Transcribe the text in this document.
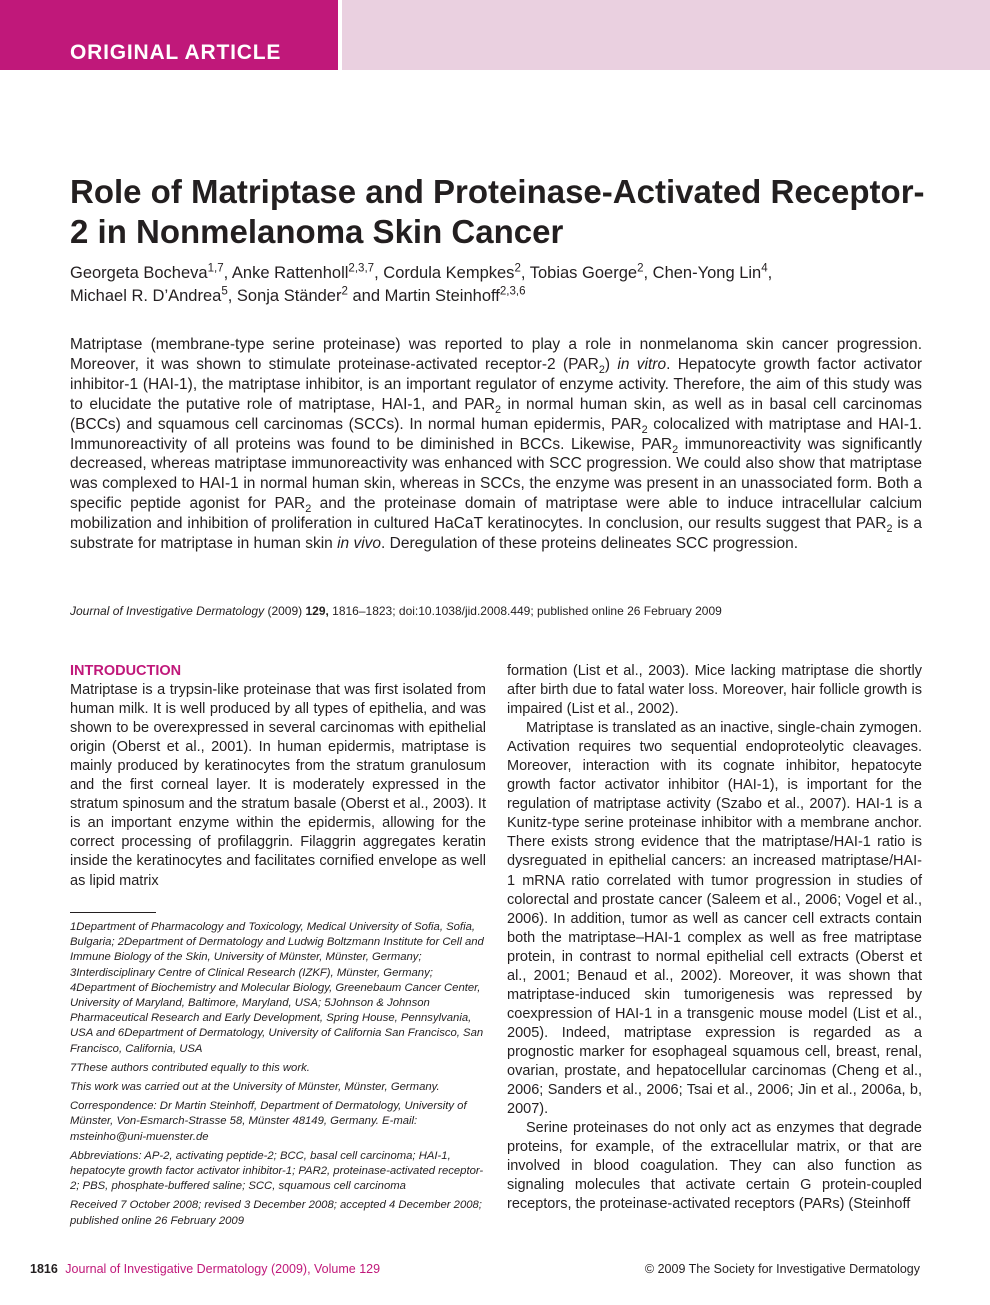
ORIGINAL ARTICLE
Role of Matriptase and Proteinase-Activated Receptor-2 in Nonmelanoma Skin Cancer
Georgeta Bocheva$^{1,7}$, Anke Rattenholl$^{2,3,7}$, Cordula Kempkes$^2$, Tobias Goerge$^2$, Chen-Yong Lin$^4$,
Michael R. D’Andrea$^5$, Sonja Ständer$^2$ and Martin Steinhoff$^{2,3,6}$

Matriptase (membrane-type serine proteinase) was reported to play a role in nonmelanoma skin cancer progression. Moreover, it was shown to stimulate proteinase-activated receptor-2 $(PAR_2)$ in vitro. Hepatocyte growth factor activator inhibitor-1 (HAI-1), the matriptase inhibitor, is an important regulator of enzyme activity. Therefore, the aim of this study was to elucidate the putative role of matriptase, HAI-1, and $PAR_2$ in normal human skin, as well as in basal cell carcinomas (BCCs) and squamous cell carcinomas (SCCs). In normal human epidermis, $PAR_2$ colocalized with matriptase and HAI-1. Immunoreactivity of all proteins was found to be diminished in BCCs. Likewise, $PAR_2$ immunoreactivity was significantly decreased, whereas matriptase immunoreactivity was enhanced with SCC progression. We could also show that matriptase was complexed to HAI-1 in normal human skin, whereas in SCCs, the enzyme was present in an unassociated form. Both a specific peptide agonist for $PAR_2$ and the proteinase domain of matriptase were able to induce intracellular calcium mobilization and inhibition of proliferation in cultured HaCaT keratinocytes. In conclusion, our results suggest that $PAR_2$ is a substrate for matriptase in human skin in vivo. Deregulation of these proteins delineates SCC progression.

Journal of Investigative Dermatology (2009) 129, 1816–1823; doi:10.1038/jid.2008.449; published online 26 February 2009
INTRODUCTION

Matriptase is a trypsin-like proteinase that was first isolated from human milk. It is well produced by all types of epithelia, and was shown to be overexpressed in several carcinomas with epithelial origin (Oberst et al., 2001). In human epidermis, matriptase is mainly produced by keratinocytes from the stratum granulosum and the first corneal layer. It is moderately expressed in the stratum spinosum and the stratum basale (Oberst et al., 2003). It is an important enzyme within the epidermis, allowing for the correct processing of profilaggrin. Filaggrin aggregates keratin inside the keratinocytes and facilitates cornified envelope as well as lipid matrix

1Department of Pharmacology and Toxicology, Medical University of Sofia, Sofia, Bulgaria; 2Department of Dermatology and Ludwig Boltzmann Institute for Cell and Immune Biology of the Skin, University of Münster, Münster, Germany; 3Interdisciplinary Centre of Clinical Research (IZKF), Münster, Germany; 4Department of Biochemistry and Molecular Biology, Greenebaum Cancer Center, University of Maryland, Baltimore, Maryland, USA; 5Johnson & Johnson Pharmaceutical Research and Early Development, Spring House, Pennsylvania, USA and 6Department of Dermatology, University of California San Francisco, San Francisco, California, USA

7These authors contributed equally to this work.

This work was carried out at the University of Münster, Münster, Germany.

Correspondence: Dr Martin Steinhoff, Department of Dermatology, University of Münster, Von-Esmarch-Strasse 58, Münster 48149, Germany. E-mail: msteinho@uni-muenster.de

Abbreviations: AP-2, activating peptide-2; BCC, basal cell carcinoma; HAI-1, hepatocyte growth factor activator inhibitor-1; PAR2, proteinase-activated receptor-2; PBS, phosphate-buffered saline; SCC, squamous cell carcinoma

Received 7 October 2008; revised 3 December 2008; accepted 4 December 2008; published online 26 February 2009

formation (List et al., 2003). Mice lacking matriptase die shortly after birth due to fatal water loss. Moreover, hair follicle growth is impaired (List et al., 2002).

Matriptase is translated as an inactive, single-chain zymogen. Activation requires two sequential endoproteolytic cleavages. Moreover, interaction with its cognate inhibitor, hepatocyte growth factor activator inhibitor (HAI-1), is important for the regulation of matriptase activity (Szabo et al., 2007). HAI-1 is a Kunitz-type serine proteinase inhibitor with a membrane anchor. There exists strong evidence that the matriptase/HAI-1 ratio is dysreguated in epithelial cancers: an increased matriptase/HAI-1 mRNA ratio correlated with tumor progression in studies of colorectal and prostate cancer (Saleem et al., 2006; Vogel et al., 2006). In addition, tumor as well as cancer cell extracts contain both the matriptase–HAI-1 complex as well as free matriptase protein, in contrast to normal epithelial cell extracts (Oberst et al., 2001; Benaud et al., 2002). Moreover, it was shown that matriptase-induced skin tumorigenesis was repressed by coexpression of HAI-1 in a transgenic mouse model (List et al., 2005). Indeed, matriptase expression is regarded as a prognostic marker for esophageal squamous cell, breast, renal, ovarian, prostate, and hepatocellular carcinomas (Cheng et al., 2006; Sanders et al., 2006; Tsai et al., 2006; Jin et al., 2006a, b, 2007).

Serine proteinases do not only act as enzymes that degrade proteins, for example, of the extracellular matrix, or that are involved in blood coagulation. They can also function as signaling molecules that activate certain G protein-coupled receptors, the proteinase-activated receptors (PARs) (Steinhoff

1816 Journal of Investigative Dermatology (2009), Volume 129	© 2009 The Society for Investigative Dermatology
